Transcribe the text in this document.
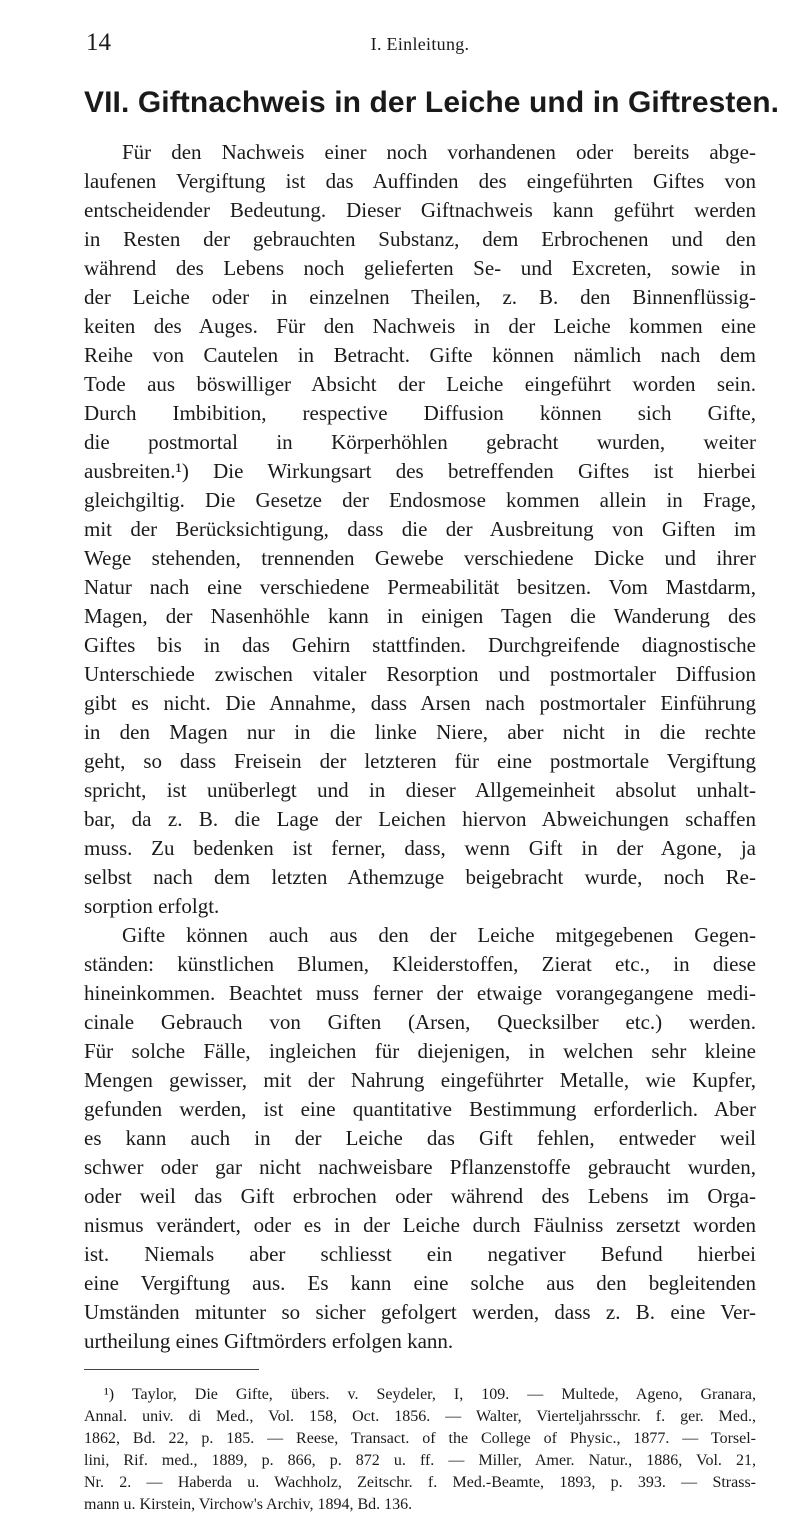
14	I. Einleitung.
VII. Giftnachweis in der Leiche und in Giftresten.
Für den Nachweis einer noch vorhandenen oder bereits abge-
laufenen Vergiftung ist das Auffinden des eingeführten Giftes von
entscheidender Bedeutung. Dieser Giftnachweis kann geführt werden
in Resten der gebrauchten Substanz, dem Erbrochenen und den
während des Lebens noch gelieferten Se- und Excreten, sowie in
der Leiche oder in einzelnen Theilen, z. B. den Binnenflüssig-
keiten des Auges. Für den Nachweis in der Leiche kommen eine
Reihe von Cautelen in Betracht. Gifte können nämlich nach dem
Tode aus böswilliger Absicht der Leiche eingeführt worden sein.
Durch Imbibition, respective Diffusion können sich Gifte,
die postmortal in Körperhöhlen gebracht wurden, weiter
ausbreiten.¹) Die Wirkungsart des betreffenden Giftes ist hierbei
gleichgiltig. Die Gesetze der Endosmose kommen allein in Frage,
mit der Berücksichtigung, dass die der Ausbreitung von Giften im
Wege stehenden, trennenden Gewebe verschiedene Dicke und ihrer
Natur nach eine verschiedene Permeabilität besitzen. Vom Mastdarm,
Magen, der Nasenhöhle kann in einigen Tagen die Wanderung des
Giftes bis in das Gehirn stattfinden. Durchgreifende diagnostische
Unterschiede zwischen vitaler Resorption und postmortaler Diffusion
gibt es nicht. Die Annahme, dass Arsen nach postmortaler Einführung
in den Magen nur in die linke Niere, aber nicht in die rechte
geht, so dass Freisein der letzteren für eine postmortale Vergiftung
spricht, ist unüberlegt und in dieser Allgemeinheit absolut unhalt-
bar, da z. B. die Lage der Leichen hiervon Abweichungen schaffen
muss. Zu bedenken ist ferner, dass, wenn Gift in der Agone, ja
selbst nach dem letzten Athemzuge beigebracht wurde, noch Re-
sorption erfolgt.
Gifte können auch aus den der Leiche mitgegebenen Gegen-
ständen: künstlichen Blumen, Kleiderstoffen, Zierat etc., in diese
hineinkommen. Beachtet muss ferner der etwaige vorangegangene medi-
cinale Gebrauch von Giften (Arsen, Quecksilber etc.) werden.
Für solche Fälle, ingleichen für diejenigen, in welchen sehr kleine
Mengen gewisser, mit der Nahrung eingeführter Metalle, wie Kupfer,
gefunden werden, ist eine quantitative Bestimmung erforderlich. Aber
es kann auch in der Leiche das Gift fehlen, entweder weil
schwer oder gar nicht nachweisbare Pflanzenstoffe gebraucht wurden,
oder weil das Gift erbrochen oder während des Lebens im Orga-
nismus verändert, oder es in der Leiche durch Fäulniss zersetzt worden
ist. Niemals aber schliesst ein negativer Befund hierbei
eine Vergiftung aus. Es kann eine solche aus den begleitenden
Umständen mitunter so sicher gefolgert werden, dass z. B. eine Ver-
urtheilung eines Giftmörders erfolgen kann.
¹) Taylor, Die Gifte, übers. v. Seydeler, I, 109. — Multede, Ageno, Granara,
Annal. univ. di Med., Vol. 158, Oct. 1856. — Walter, Vierteljahrsschr. f. ger. Med.,
1862, Bd. 22, p. 185. — Reese, Transact. of the College of Physic., 1877. — Torsel-
lini, Rif. med., 1889, p. 866, p. 872 u. ff. — Miller, Amer. Natur., 1886, Vol. 21,
Nr. 2. — Haberda u. Wachholz, Zeitschr. f. Med.-Beamte, 1893, p. 393. — Strass-
mann u. Kirstein, Virchow's Archiv, 1894, Bd. 136.
